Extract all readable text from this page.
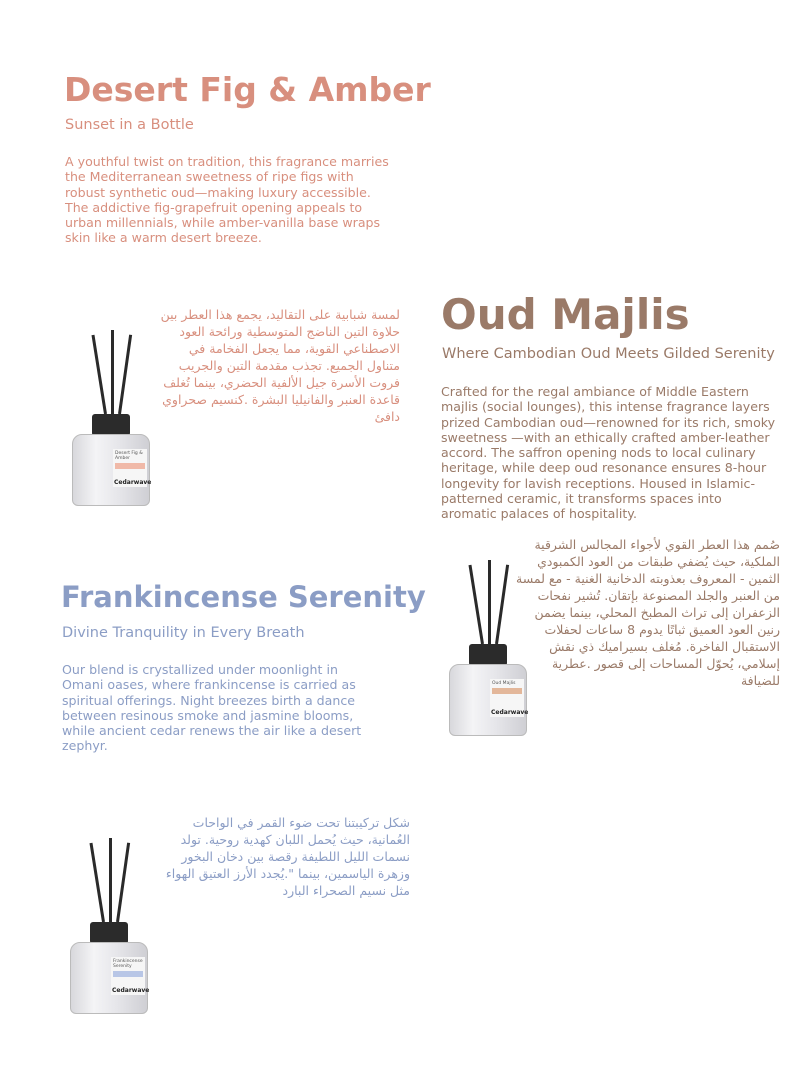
Desert Fig & Amber
Sunset in a Bottle

A youthful twist on tradition, this fragrance marries the Mediterranean sweetness of ripe figs with robust synthetic oud—making luxury accessible. The addictive fig-grapefruit opening appeals to urban millennials, while amber-vanilla base wraps skin like a warm desert breeze.

لمسة شبابية على التقاليد، يجمع هذا العطر بين حلاوة التين الناضج المتوسطية ورائحة العود الاصطناعي القوية، مما يجعل الفخامة في متناول الجميع. تجذب مقدمة التين والجريب فروت الأسرة جيل الألفية الحضري، بينما تُغلف قاعدة العنبر والفانيليا البشرة .كنسيم صحراوي دافئ

Desert Fig & Amber
Cedarwave
Oud Majlis
Where Cambodian Oud Meets Gilded Serenity

Crafted for the regal ambiance of Middle Eastern majlis (social lounges), this intense fragrance layers prized Cambodian oud—renowned for its rich, smoky sweetness —with an ethically crafted amber-leather accord. The saffron opening nods to local culinary heritage, while deep oud resonance ensures 8-hour longevity for lavish receptions. Housed in Islamic-patterned ceramic, it transforms spaces into aromatic palaces of hospitality.

صُمم هذا العطر القوي لأجواء المجالس الشرقية الملكية، حيث يُضفي طبقات من العود الكمبودي الثمين - المعروف بعذوبته الدخانية الغنية - مع لمسة من العنبر والجلد المصنوعة بإتقان. تُشير نفحات الزعفران إلى تراث المطبخ المحلي، بينما يضمن رنين العود العميق ثباتًا يدوم 8 ساعات لحفلات الاستقبال الفاخرة. مُغلف بسيراميك ذي نقش إسلامي، يُحوّل المساحات إلى قصور .عطرية للضيافة

Oud Majlis
Cedarwave
Frankincense Serenity
Divine Tranquility in Every Breath

Our blend is crystallized under moonlight in Omani oases, where frankincense is carried as spiritual offerings. Night breezes birth a dance between resinous smoke and jasmine blooms, while ancient cedar renews the air like a desert zephyr.

شكل تركيبتنا تحت ضوء القمر في الواحات العُمانية، حيث يُحمل اللبان كهدية روحية. تولد نسمات الليل اللطيفة رقصة بين دخان البخور وزهرة الياسمين، بينما ".يُجدد الأرز العتيق الهواء مثل نسيم الصحراء البارد

Frankincense Serenity
Cedarwave
